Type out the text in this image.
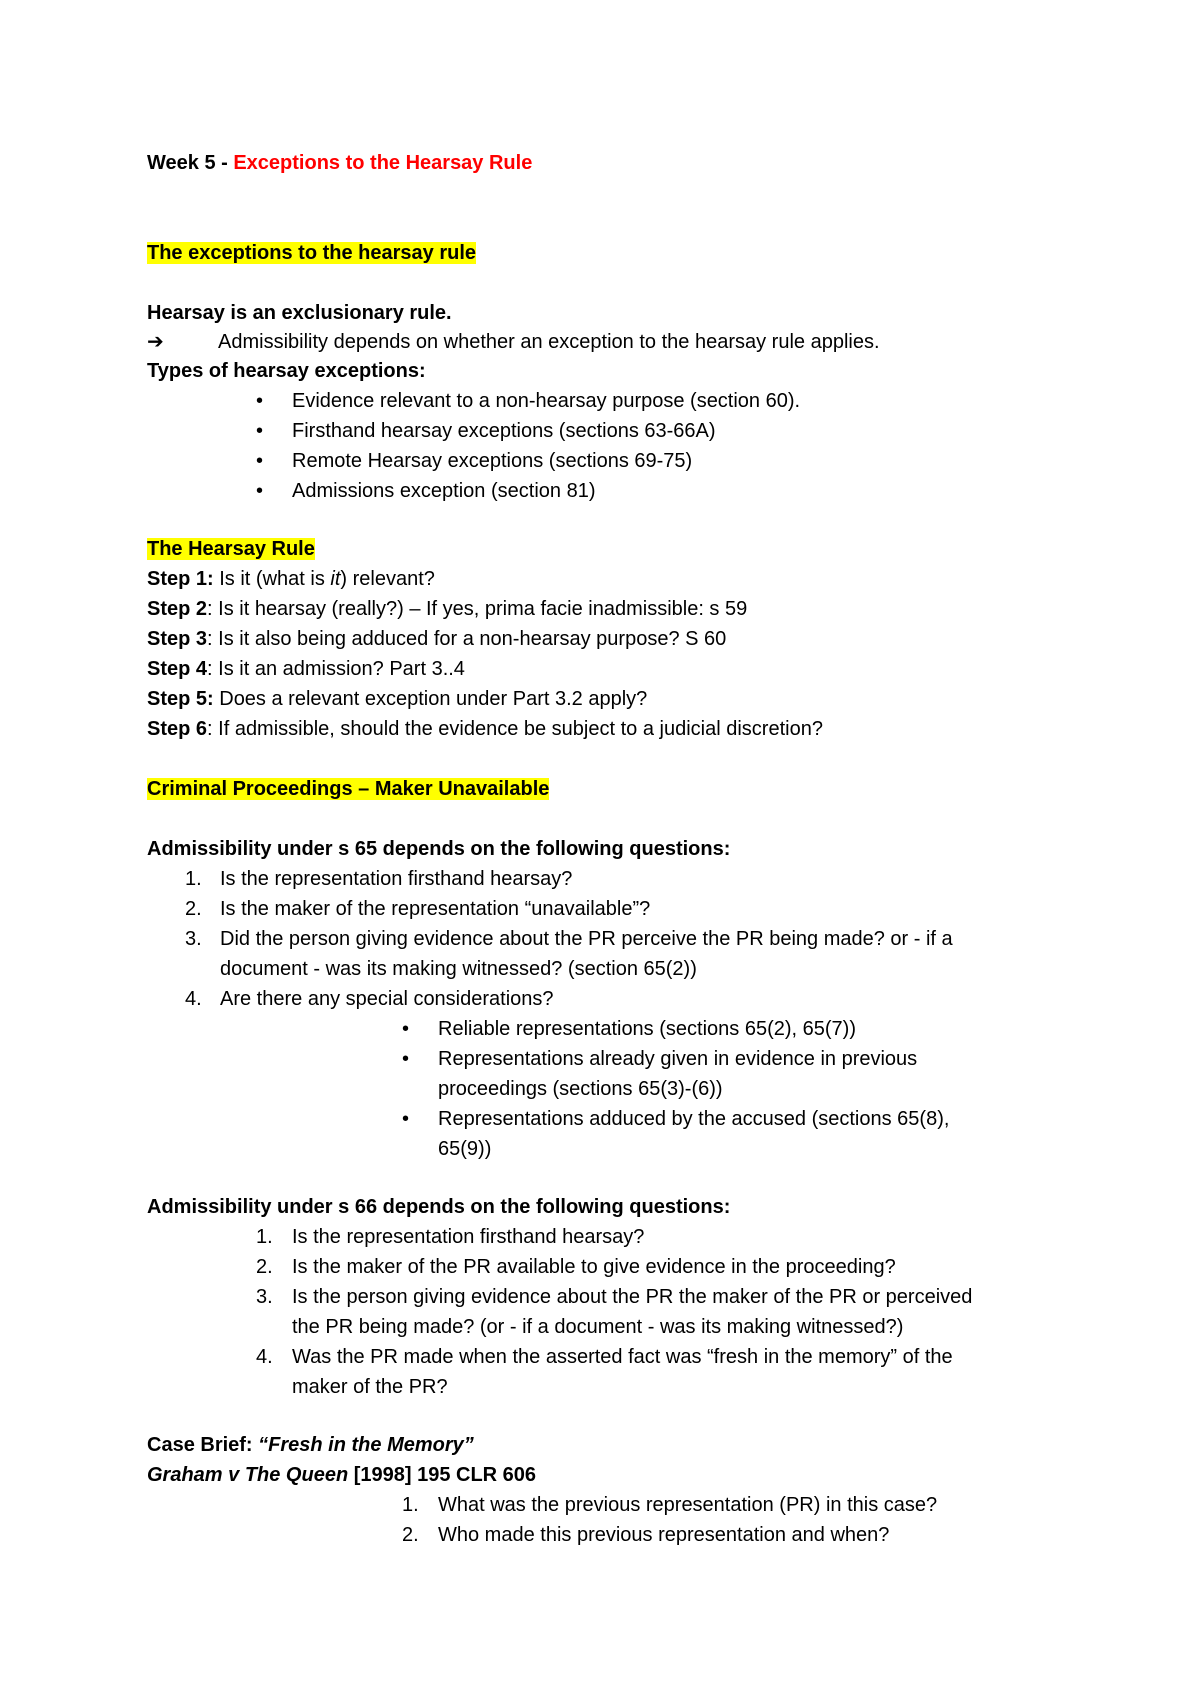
Week 5 - Exceptions to the Hearsay Rule
The exceptions to the hearsay rule
Hearsay is an exclusionary rule.
➔	Admissibility depends on whether an exception to the hearsay rule applies.
Types of hearsay exceptions:
• Evidence relevant to a non-hearsay purpose (section 60).
• Firsthand hearsay exceptions (sections 63-66A)
• Remote Hearsay exceptions (sections 69-75)
• Admissions exception (section 81)
The Hearsay Rule
Step 1: Is it (what is it) relevant?
Step 2: Is it hearsay (really?) – If yes, prima facie inadmissible: s 59
Step 3: Is it also being adduced for a non-hearsay purpose? S 60
Step 4: Is it an admission? Part 3..4
Step 5: Does a relevant exception under Part 3.2 apply?
Step 6: If admissible, should the evidence be subject to a judicial discretion?
Criminal Proceedings – Maker Unavailable
Admissibility under s 65 depends on the following questions:
1. Is the representation firsthand hearsay?
2. Is the maker of the representation “unavailable”?
3. Did the person giving evidence about the PR perceive the PR being made? or - if a
document - was its making witnessed? (section 65(2))
4. Are there any special considerations?
• Reliable representations (sections 65(2), 65(7))
• Representations already given in evidence in previous
proceedings (sections 65(3)-(6))
• Representations adduced by the accused (sections 65(8),
65(9))
Admissibility under s 66 depends on the following questions:
1. Is the representation firsthand hearsay?
2. Is the maker of the PR available to give evidence in the proceeding?
3. Is the person giving evidence about the PR the maker of the PR or perceived
the PR being made? (or - if a document - was its making witnessed?)
4. Was the PR made when the asserted fact was “fresh in the memory” of the
maker of the PR?
Case Brief: “Fresh in the Memory”
Graham v The Queen [1998] 195 CLR 606
1. What was the previous representation (PR) in this case?
2. Who made this previous representation and when?
